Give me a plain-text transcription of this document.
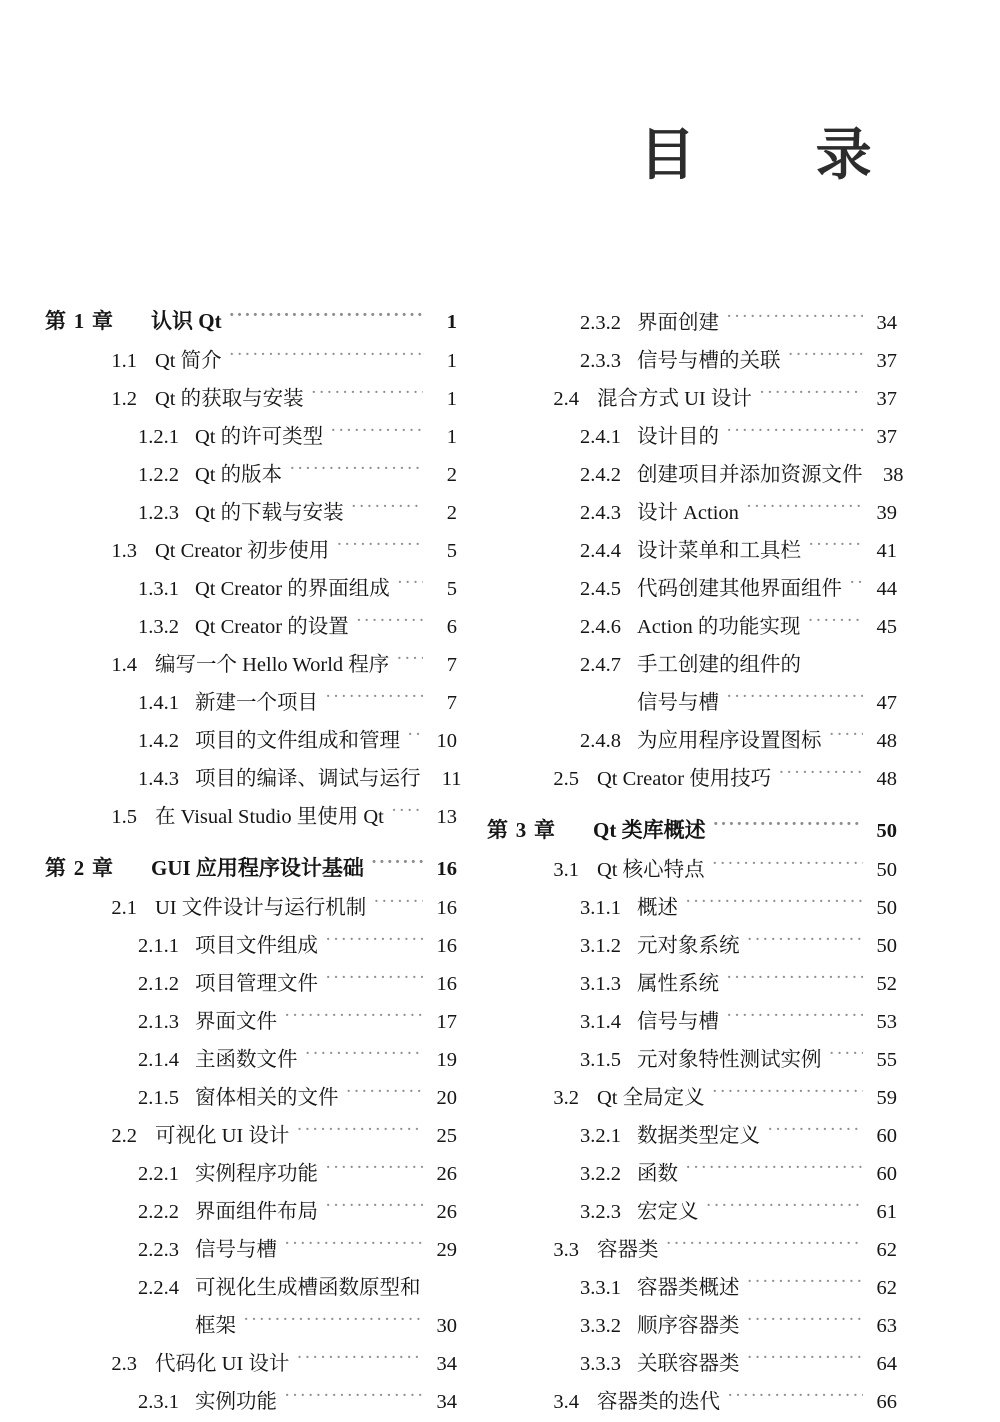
目 录
第 1 章	认识 Qt ·····	1
1.1 Qt 简介 ·····	1
1.2 Qt 的获取与安装 ·····	1
1.2.1 Qt 的许可类型 ·····	1
1.2.2 Qt 的版本 ·····	2
1.2.3 Qt 的下载与安装 ·····	2
1.3 Qt Creator 初步使用 ·····	5
1.3.1 Qt Creator 的界面组成 ·····	5
1.3.2 Qt Creator 的设置 ·····	6
1.4 编写一个 Hello World 程序 ·····	7
1.4.1 新建一个项目 ·····	7
1.4.2 项目的文件组成和管理 ·····	10
1.4.3 项目的编译、调试与运行	11
1.5 在 Visual Studio 里使用 Qt ·····	13
第 2 章	GUI 应用程序设计基础 ·····	16
2.1 UI 文件设计与运行机制 ·····	16
2.1.1 项目文件组成 ·····	16
2.1.2 项目管理文件 ·····	16
2.1.3 界面文件 ·····	17
2.1.4 主函数文件 ·····	19
2.1.5 窗体相关的文件 ·····	20
2.2 可视化 UI 设计 ·····	25
2.2.1 实例程序功能 ·····	26
2.2.2 界面组件布局 ·····	26
2.2.3 信号与槽 ·····	29
2.2.4 可视化生成槽函数原型和
框架 ·····	30
2.3 代码化 UI 设计 ·····	34
2.3.1 实例功能 ·····	34
2.3.2 界面创建 ·····	34
2.3.3 信号与槽的关联 ·····	37
2.4 混合方式 UI 设计 ·····	37
2.4.1 设计目的 ·····	37
2.4.2 创建项目并添加资源文件	38
2.4.3 设计 Action ·····	39
2.4.4 设计菜单和工具栏 ·····	41
2.4.5 代码创建其他界面组件 ·····	44
2.4.6 Action 的功能实现 ·····	45
2.4.7 手工创建的组件的
信号与槽 ·····	47
2.4.8 为应用程序设置图标 ·····	48
2.5 Qt Creator 使用技巧 ·····	48
第 3 章	Qt 类库概述 ·····	50
3.1 Qt 核心特点 ·····	50
3.1.1 概述 ·····	50
3.1.2 元对象系统 ·····	50
3.1.3 属性系统 ·····	52
3.1.4 信号与槽 ·····	53
3.1.5 元对象特性测试实例 ·····	55
3.2 Qt 全局定义 ·····	59
3.2.1 数据类型定义 ·····	60
3.2.2 函数 ·····	60
3.2.3 宏定义 ·····	61
3.3 容器类 ·····	62
3.3.1 容器类概述 ·····	62
3.3.2 顺序容器类 ·····	63
3.3.3 关联容器类 ·····	64
3.4 容器类的迭代 ·····	66
